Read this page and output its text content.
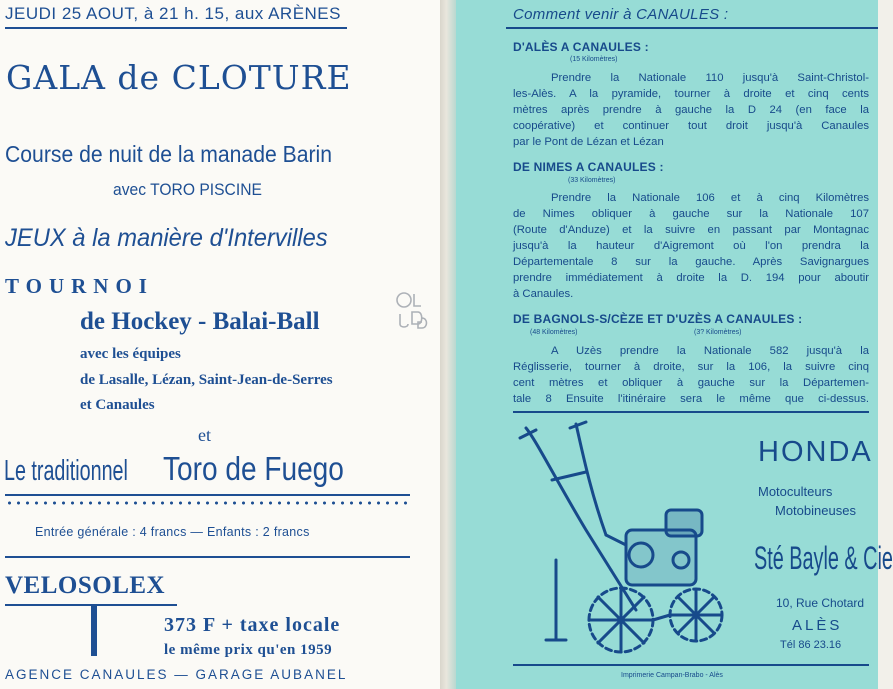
JEUDI 25 AOUT, à 21 h. 15, aux ARÈNES
GALA de CLOTURE
Course de nuit de la manade Barin
avec TORO PISCINE
JEUX à la manière d'Intervilles
TOURNOI
de Hockey - Balai-Ball
avec les équipes
de Lasalle, Lézan, Saint-Jean-de-Serres
et Canaules
et
Le traditionnel Toro de Fuego
Entrée générale : 4 francs — Enfants : 2 francs
VELOSOLEX
373 F + taxe locale
le même prix qu'en 1959
AGENCE CANAULES — GARAGE AUBANEL
Comment venir à CANAULES :
D'ALÈS A CANAULES :
(15 Kilomètres)
Prendre la Nationale 110 jusqu'à Saint-Christol-
les-Alès. A la pyramide, tourner à droite et cinq cents
mètres après prendre à gauche la D 24 (en face la
coopérative) et continuer tout droit jusqu'à Canaules
par le Pont de Lézan et Lézan
DE NIMES A CANAULES :
(33 Kilomètres)
Prendre la Nationale 106 et à cinq Kilomètres
de Nimes obliquer à gauche sur la Nationale 107
(Route d'Anduze) et la suivre en passant par Montagnac
jusqu'à la hauteur d'Aigremont où l'on prendra la
Départementale 8 sur la gauche. Après Savignargues
prendre immédiatement à droite la D. 194 pour aboutir
à Canaules.
DE BAGNOLS-S/CÈZE ET D'UZÈS A CANAULES :
(48 Kilomètres)	(3? Kilomètres)
A Uzès prendre la Nationale 582 jusqu'à la
Réglisserie, tourner à droite, sur la 106, la suivre cinq
cent mètres et obliquer à gauche sur la Départemen-
tale 8 Ensuite l'itinéraire sera le même que ci-dessus.
HONDA
Motoculteurs
Motobineuses
Sté Bayle & Cie
10, Rue Chotard
ALÈS
Tél 86 23.16
Imprimerie Campan-Brabo - Alès
